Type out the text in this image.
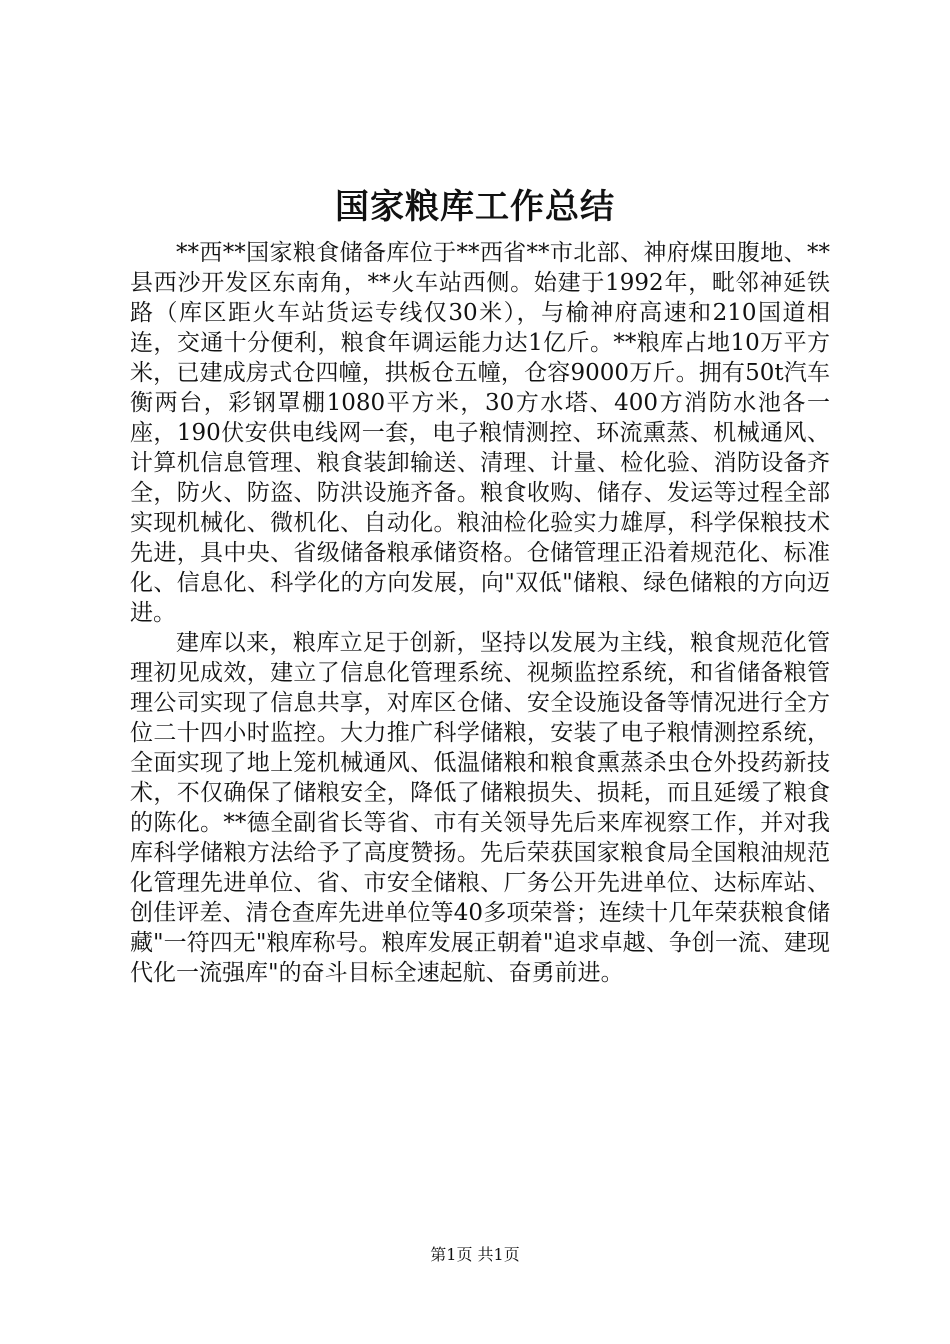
国家粮库工作总结

**西**国家粮食储备库位于**西省**市北部、神府煤田腹地、**县西沙开发区东南角，**火车站西侧。始建于1992年，毗邻神延铁路（库区距火车站货运专线仅30米），与榆神府高速和210国道相连，交通十分便利，粮食年调运能力达1亿斤。**粮库占地10万平方米，已建成房式仓四幢，拱板仓五幢，仓容9000万斤。拥有50t汽车衡两台，彩钢罩棚1080平方米，30方水塔、400方消防水池各一座，190伏安供电线网一套，电子粮情测控、环流熏蒸、机械通风、计算机信息管理、粮食装卸输送、清理、计量、检化验、消防设备齐全，防火、防盗、防洪设施齐备。粮食收购、储存、发运等过程全部实现机械化、微机化、自动化。粮油检化验实力雄厚，科学保粮技术先进，具中央、省级储备粮承储资格。仓储管理正沿着规范化、标准化、信息化、科学化的方向发展，向"双低"储粮、绿色储粮的方向迈进。

建库以来，粮库立足于创新，坚持以发展为主线，粮食规范化管理初见成效，建立了信息化管理系统、视频监控系统，和省储备粮管理公司实现了信息共享，对库区仓储、安全设施设备等情况进行全方位二十四小时监控。大力推广科学储粮，安装了电子粮情测控系统，全面实现了地上笼机械通风、低温储粮和粮食熏蒸杀虫仓外投药新技术，不仅确保了储粮安全，降低了储粮损失、损耗，而且延缓了粮食的陈化。**德全副省长等省、市有关领导先后来库视察工作，并对我库科学储粮方法给予了高度赞扬。先后荣获国家粮食局全国粮油规范化管理先进单位、省、市安全储粮、厂务公开先进单位、达标库站、创佳评差、清仓查库先进单位等40多项荣誉；连续十几年荣获粮食储藏"一符四无"粮库称号。粮库发展正朝着"追求卓越、争创一流、建现代化一流强库"的奋斗目标全速起航、奋勇前进。

第1页 共1页
